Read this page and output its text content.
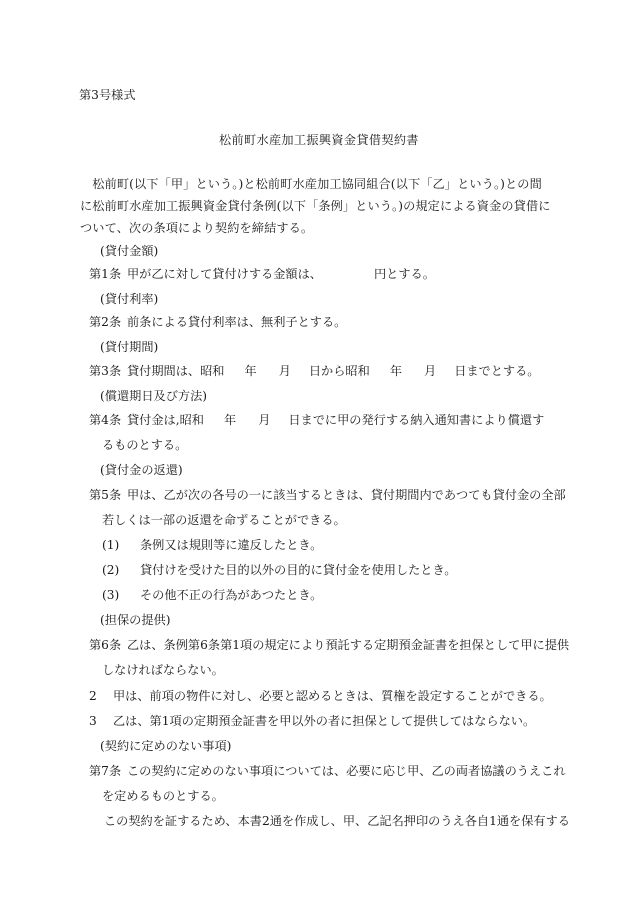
第3号様式
松前町水産加工振興資金貸借契約書
　松前町(以下「甲」という。)と松前町水産加工協同組合(以下「乙」という。)との間
に松前町水産加工振興資金貸付条例(以下「条例」という。)の規定による資金の貸借に
ついて、次の条項により契約を締結する。
(貸付金額)
第1条 甲が乙に対して貸付けする金額は、	円とする。
(貸付利率)
第2条 前条による貸付利率は、無利子とする。
(貸付期間)
第3条 貸付期間は、昭和 年 月 日から昭和 年 月 日までとする。
(償還期日及び方法)
第4条 貸付金は,昭和 年 月 日までに甲の発行する納入通知書により償還す
るものとする。
(貸付金の返還)
第5条 甲は、乙が次の各号の一に該当するときは、貸付期間内であつても貸付金の全部
若しくは一部の返還を命ずることができる。
(1) 条例又は規則等に違反したとき。
(2) 貸付けを受けた目的以外の目的に貸付金を使用したとき。
(3) その他不正の行為があつたとき。
(担保の提供)
第6条 乙は、条例第6条第1項の規定により預託する定期預金証書を担保として甲に提供
しなければならない。
2 甲は、前項の物件に対し、必要と認めるときは、質権を設定することができる。
3 乙は、第1項の定期預金証書を甲以外の者に担保として提供してはならない。
(契約に定めのない事項)
第7条 この契約に定めのない事項については、必要に応じ甲、乙の両者協議のうえこれ
を定めるものとする。
この契約を証するため、本書2通を作成し、甲、乙記名押印のうえ各自1通を保有する
